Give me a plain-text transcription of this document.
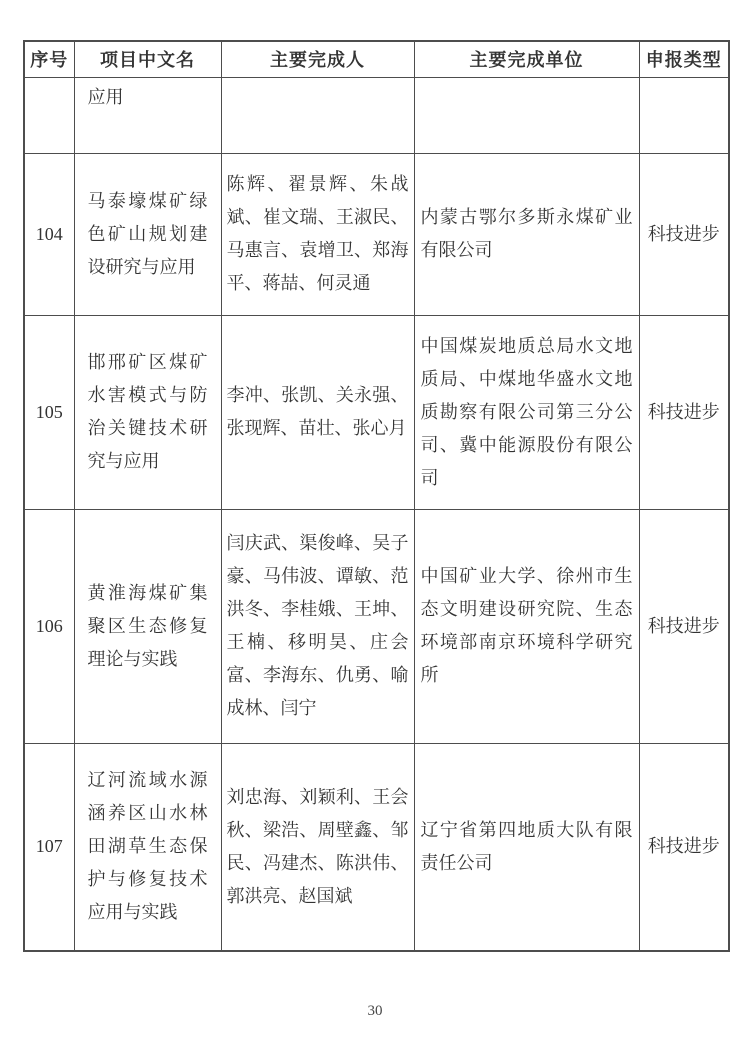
序号	项目中文名	主要完成人	主要完成单位	申报类型
	应用			
104	马泰壕煤矿绿色矿山规划建设研究与应用	陈辉、翟景辉、朱战斌、崔文瑞、王淑民、马惠言、袁增卫、郑海平、蒋喆、何灵通	内蒙古鄂尔多斯永煤矿业有限公司	科技进步
105	邯邢矿区煤矿水害模式与防治关键技术研究与应用	李冲、张凯、关永强、张现辉、苗壮、张心月	中国煤炭地质总局水文地质局、中煤地华盛水文地质勘察有限公司第三分公司、冀中能源股份有限公司	科技进步
106	黄淮海煤矿集聚区生态修复理论与实践	闫庆武、渠俊峰、吴子豪、马伟波、谭敏、范洪冬、李桂娥、王坤、王楠、移明昊、庄会富、李海东、仇勇、喻成林、闫宁	中国矿业大学、徐州市生态文明建设研究院、生态环境部南京环境科学研究所	科技进步
107	辽河流域水源涵养区山水林田湖草生态保护与修复技术应用与实践	刘忠海、刘颖利、王会秋、梁浩、周壁鑫、邹民、冯建杰、陈洪伟、郭洪亮、赵国斌	辽宁省第四地质大队有限责任公司	科技进步
30
